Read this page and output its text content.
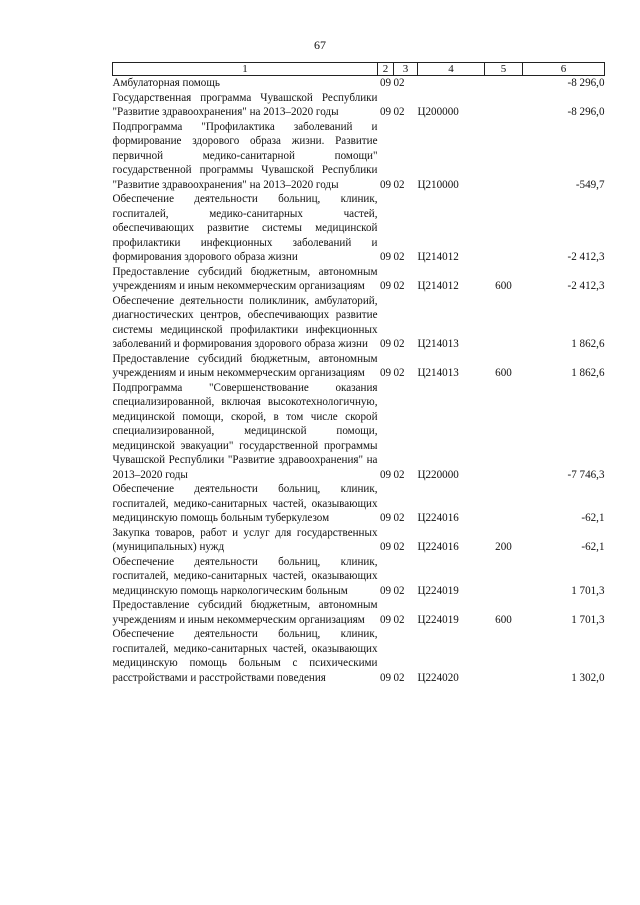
67
1	2	3	4	5	6
Амбулаторная помощь	09	02			-8 296,0
Государственная программа Чувашской Республики "Развитие здравоохранения" на 2013–2020 годы	09	02	Ц200000		-8 296,0
Подпрограмма "Профилактика заболеваний и формирование здорового образа жизни. Развитие первичной медико-санитарной помощи" государственной программы Чувашской Республики "Развитие здравоохранения" на 2013–2020 годы	09	02	Ц210000		-549,7
Обеспечение деятельности больниц, клиник, госпиталей, медико-санитарных частей, обеспечивающих развитие системы медицинской профилактики инфекционных заболеваний и формирования здорового образа жизни	09	02	Ц214012		-2 412,3
Предоставление субсидий бюджетным, автономным учреждениям и иным некоммерческим организациям	09	02	Ц214012	600	-2 412,3
Обеспечение деятельности поликлиник, амбулаторий, диагностических центров, обеспечивающих развитие системы медицинской профилактики инфекционных заболеваний и формирования здорового образа жизни	09	02	Ц214013		1 862,6
Предоставление субсидий бюджетным, автономным учреждениям и иным некоммерческим организациям	09	02	Ц214013	600	1 862,6
Подпрограмма "Совершенствование оказания специализированной, включая высокотехнологичную, медицинской помощи, скорой, в том числе скорой специализированной, медицинской помощи, медицинской эвакуации" государственной программы Чувашской Республики "Развитие здравоохранения" на 2013–2020 годы	09	02	Ц220000		-7 746,3
Обеспечение деятельности больниц, клиник, госпиталей, медико-санитарных частей, оказывающих медицинскую помощь больным туберкулезом	09	02	Ц224016		-62,1
Закупка товаров, работ и услуг для государственных (муниципальных) нужд	09	02	Ц224016	200	-62,1
Обеспечение деятельности больниц, клиник, госпиталей, медико-санитарных частей, оказывающих медицинскую помощь наркологическим больным	09	02	Ц224019		1 701,3
Предоставление субсидий бюджетным, автономным учреждениям и иным некоммерческим организациям	09	02	Ц224019	600	1 701,3
Обеспечение деятельности больниц, клиник, госпиталей, медико-санитарных частей, оказывающих медицинскую помощь больным с психическими расстройствами и расстройствами поведения	09	02	Ц224020		1 302,0
